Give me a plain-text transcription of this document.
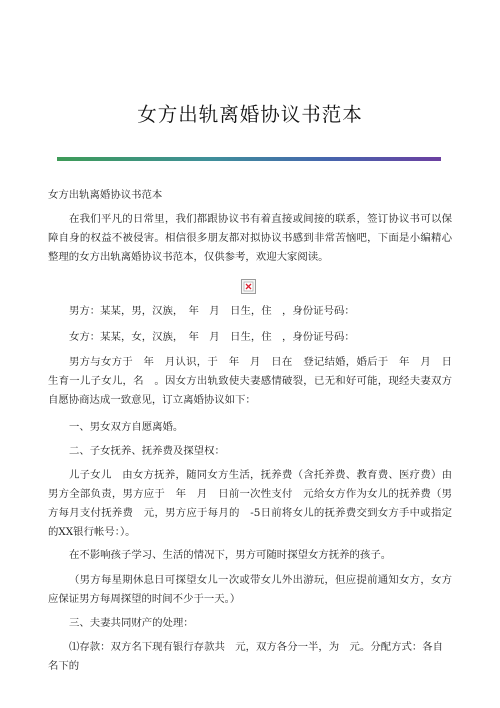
女方出轨离婚协议书范本

女方出轨离婚协议书范本

在我们平凡的日常里，我们都跟协议书有着直接或间接的联系，签订协议书可以保障自身的权益不被侵害。相信很多朋友都对拟协议书感到非常苦恼吧，下面是小编精心整理的女方出轨离婚协议书范本，仅供参考，欢迎大家阅读。

男方：某某，男，汉族，　年　月　日生，住　，身份证号码：

女方：某某，女，汉族，　年　月　日生，住　，身份证号码：

男方与女方于　年　月认识，于　年　月　日在　登记结婚，婚后于　年　月　日生育一儿子女儿，名　。因女方出轨致使夫妻感情破裂，已无和好可能，现经夫妻双方自愿协商达成一致意见，订立离婚协议如下：

一、男女双方自愿离婚。

二、子女抚养、抚养费及探望权：

儿子女儿　由女方抚养，随同女方生活，抚养费（含托养费、教育费、医疗费）由男方全部负责，男方应于　年　月　日前一次性支付　元给女方作为女儿的抚养费（男方每月支付抚养费　元，男方应于每月的　-5日前将女儿的抚养费交到女方手中或指定的XX银行帐号：）。

在不影响孩子学习、生活的情况下，男方可随时探望女方抚养的孩子。

（男方每星期休息日可探望女儿一次或带女儿外出游玩，但应提前通知女方，女方应保证男方每周探望的时间不少于一天。）

三、夫妻共同财产的处理：

⑴存款：双方名下现有银行存款共　元，双方各分一半，为　元。分配方式：各自名下的
